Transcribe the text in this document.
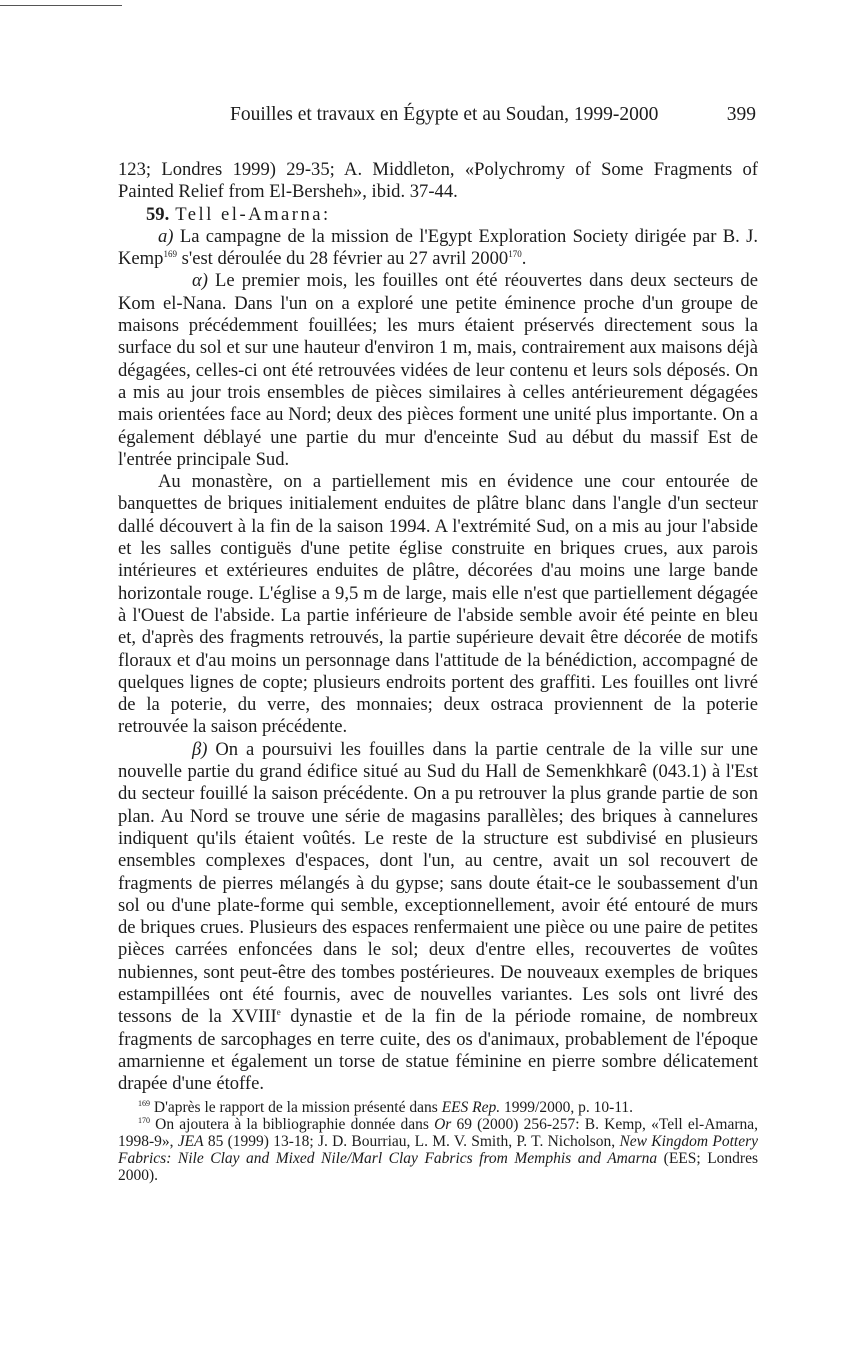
Fouilles et travaux en Égypte et au Soudan, 1999-2000	399

123; Londres 1999) 29-35; A. Middleton, «Polychromy of Some Fragments of Painted Relief from El-Bersheh», ibid. 37-44.

59. Tell el-Amarna:

a) La campagne de la mission de l'Egypt Exploration Society dirigée par B. J. Kemp$^{169}$ s'est déroulée du 28 février au 27 avril 2000$^{170}$.

α) Le premier mois, les fouilles ont été réouvertes dans deux secteurs de Kom el-Nana. Dans l'un on a exploré une petite éminence proche d'un groupe de maisons précédemment fouillées; les murs étaient préservés directement sous la surface du sol et sur une hauteur d'environ 1 m, mais, contrairement aux maisons déjà dégagées, celles-ci ont été retrouvées vidées de leur contenu et leurs sols déposés. On a mis au jour trois ensembles de pièces similaires à celles antérieurement dégagées mais orientées face au Nord; deux des pièces forment une unité plus importante. On a également déblayé une partie du mur d'enceinte Sud au début du massif Est de l'entrée principale Sud.

Au monastère, on a partiellement mis en évidence une cour entourée de banquettes de briques initialement enduites de plâtre blanc dans l'angle d'un secteur dallé découvert à la fin de la saison 1994. A l'extrémité Sud, on a mis au jour l'abside et les salles contiguës d'une petite église construite en briques crues, aux parois intérieures et extérieures enduites de plâtre, décorées d'au moins une large bande horizontale rouge. L'église a 9,5 m de large, mais elle n'est que partiellement dégagée à l'Ouest de l'abside. La partie inférieure de l'abside semble avoir été peinte en bleu et, d'après des fragments retrouvés, la partie supérieure devait être décorée de motifs floraux et d'au moins un personnage dans l'attitude de la bénédiction, accompagné de quelques lignes de copte; plusieurs endroits portent des graffiti. Les fouilles ont livré de la poterie, du verre, des monnaies; deux ostraca proviennent de la poterie retrouvée la saison précédente.

β) On a poursuivi les fouilles dans la partie centrale de la ville sur une nouvelle partie du grand édifice situé au Sud du Hall de Semenkhkarê (043.1) à l'Est du secteur fouillé la saison précédente. On a pu retrouver la plus grande partie de son plan. Au Nord se trouve une série de magasins parallèles; des briques à cannelures indiquent qu'ils étaient voûtés. Le reste de la structure est subdivisé en plusieurs ensembles complexes d'espaces, dont l'un, au centre, avait un sol recouvert de fragments de pierres mélangés à du gypse; sans doute était-ce le soubassement d'un sol ou d'une plate-forme qui semble, exceptionnellement, avoir été entouré de murs de briques crues. Plusieurs des espaces renfermaient une pièce ou une paire de petites pièces carrées enfoncées dans le sol; deux d'entre elles, recouvertes de voûtes nubiennes, sont peut-être des tombes postérieures. De nouveaux exemples de briques estampillées ont été fournis, avec de nouvelles variantes. Les sols ont livré des tessons de la XVIIIe dynastie et de la fin de la période romaine, de nombreux fragments de sarcophages en terre cuite, des os d'animaux, probablement de l'époque amarnienne et également un torse de statue féminine en pierre sombre délicatement drapée d'une étoffe.

$^{169}$ D'après le rapport de la mission présenté dans EES Rep. 1999/2000, p. 10-11.

$^{170}$ On ajoutera à la bibliographie donnée dans Or 69 (2000) 256-257: B. Kemp, «Tell el-Amarna, 1998-9», JEA 85 (1999) 13-18; J. D. Bourriau, L. M. V. Smith, P. T. Nicholson, New Kingdom Pottery Fabrics: Nile Clay and Mixed Nile/Marl Clay Fabrics from Memphis and Amarna (EES; Londres 2000).
